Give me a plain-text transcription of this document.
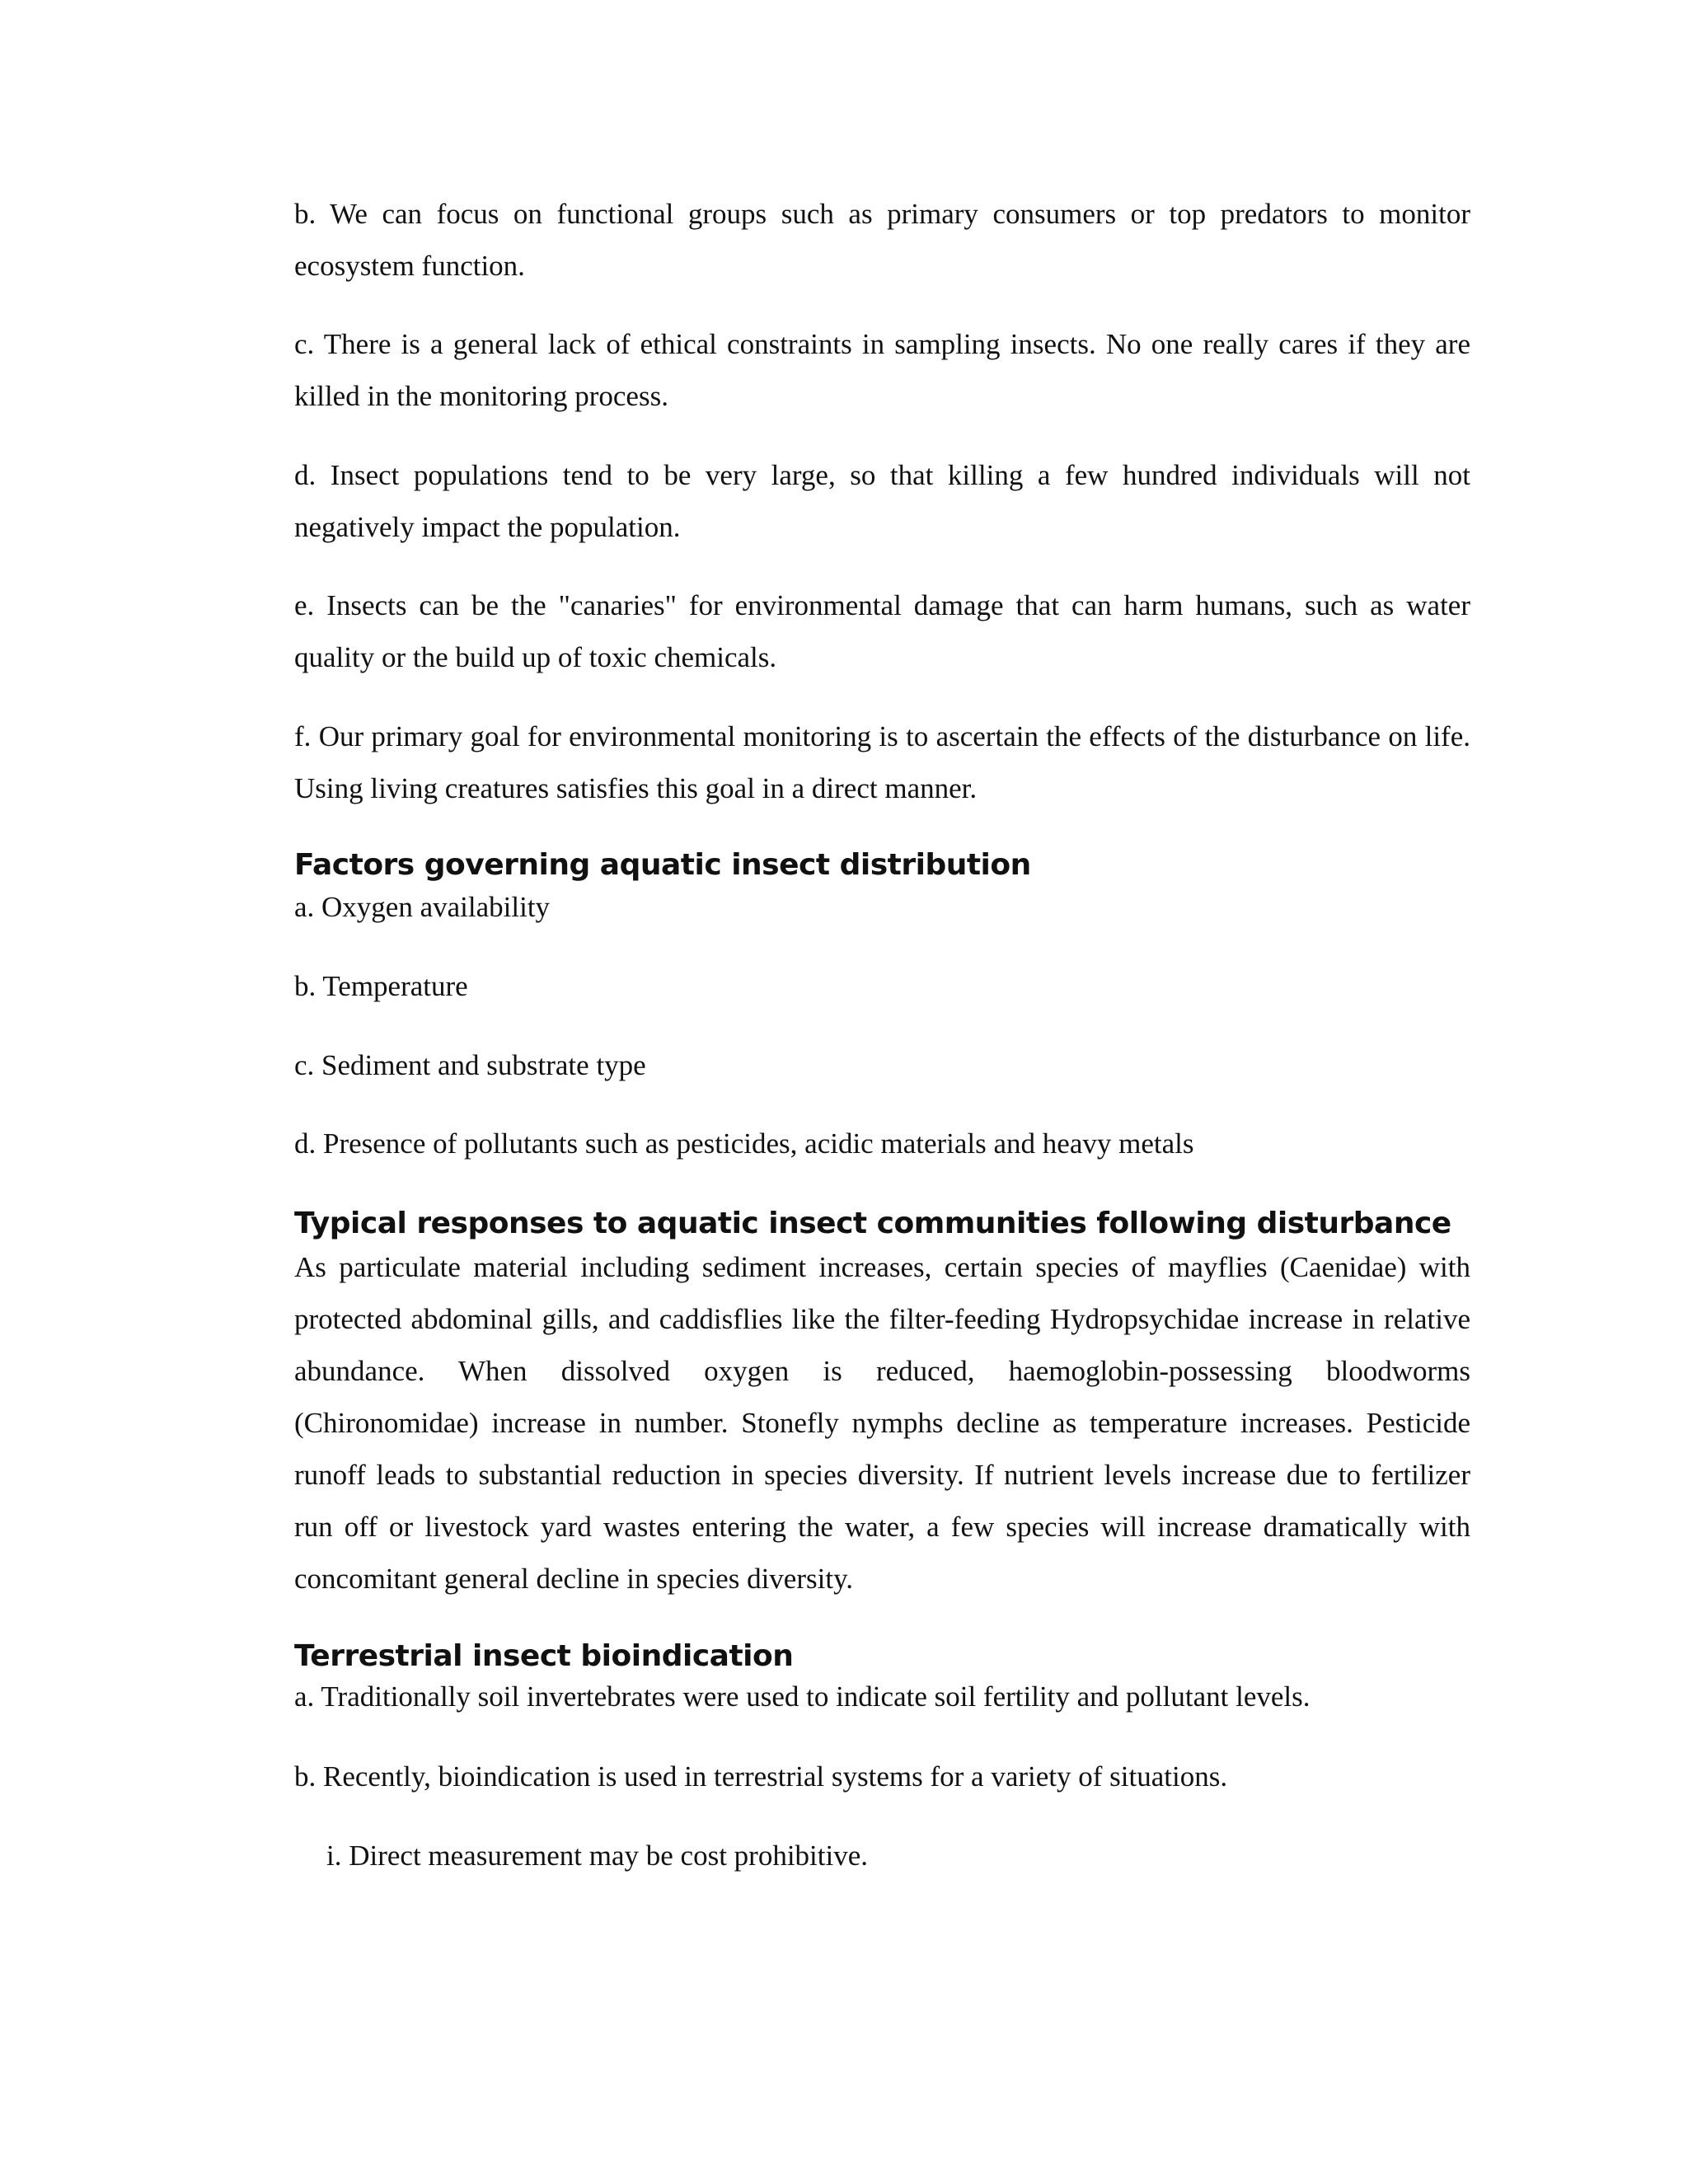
b. We can focus on functional groups such as primary consumers or top predators to monitor ecosystem function.

c. There is a general lack of ethical constraints in sampling insects. No one really cares if they are killed in the monitoring process.

d. Insect populations tend to be very large, so that killing a few hundred individuals will not negatively impact the population.

e. Insects can be the "canaries" for environmental damage that can harm humans, such as water quality or the build up of toxic chemicals.

f. Our primary goal for environmental monitoring is to ascertain the effects of the disturbance on life. Using living creatures satisfies this goal in a direct manner.

Factors governing aquatic insect distribution

a. Oxygen availability

b. Temperature

c. Sediment and substrate type

d. Presence of pollutants such as pesticides, acidic materials and heavy metals

Typical responses to aquatic insect communities following disturbance

As particulate material including sediment increases, certain species of mayflies (Caenidae) with protected abdominal gills, and caddisflies like the filter-feeding Hydropsychidae increase in relative abundance. When dissolved oxygen is reduced, haemoglobin-possessing bloodworms (Chironomidae) increase in number. Stonefly nymphs decline as temperature increases. Pesticide runoff leads to substantial reduction in species diversity. If nutrient levels increase due to fertilizer run off or livestock yard wastes entering the water, a few species will increase dramatically with concomitant general decline in species diversity.

Terrestrial insect bioindication

a. Traditionally soil invertebrates were used to indicate soil fertility and pollutant levels.

b. Recently, bioindication is used in terrestrial systems for a variety of situations.

i. Direct measurement may be cost prohibitive.
